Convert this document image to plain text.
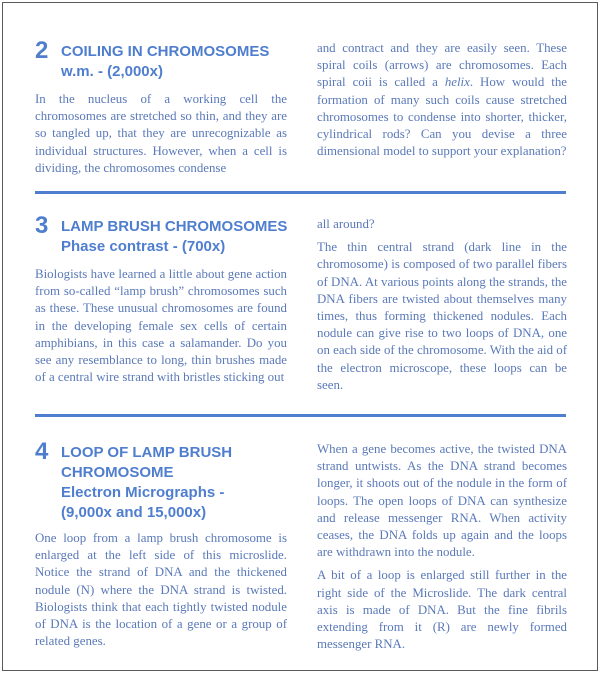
2 COILING IN CHROMOSOMES
w.m. - (2,000x)

In the nucleus of a working cell the chromosomes are stretched so thin, and they are so tangled up, that they are unrecognizable as individual structures. However, when a cell is dividing, the chromosomes condense

and contract and they are easily seen. These spiral coils (arrows) are chromosomes. Each spiral coii is called a helix. How would the formation of many such coils cause stretched chromosomes to condense into shorter, thicker, cylindrical rods? Can you devise a three dimensional model to support your explanation?

3 LAMP BRUSH CHROMOSOMES
Phase contrast - (700x)

Biologists have learned a little about gene action from so-called “lamp brush” chromosomes such as these. These unusual chromosomes are found in the developing female sex cells of certain amphibians, in this case a salamander. Do you see any resemblance to long, thin brushes made of a central wire strand with bristles sticking out

all around?

The thin central strand (dark line in the chromosome) is composed of two parallel fibers of DNA. At various points along the strands, the DNA fibers are twisted about themselves many times, thus forming thickened nodules. Each nodule can give rise to two loops of DNA, one on each side of the chromosome. With the aid of the electron microscope, these loops can be seen.

4 LOOP OF LAMP BRUSH
CHROMOSOME
Electron Micrographs -
(9,000x and 15,000x)

One loop from a lamp brush chromosome is enlarged at the left side of this microslide. Notice the strand of DNA and the thickened nodule (N) where the DNA strand is twisted. Biologists think that each tightly twisted nodule of DNA is the location of a gene or a group of related genes.

When a gene becomes active, the twisted DNA strand untwists. As the DNA strand becomes longer, it shoots out of the nodule in the form of loops. The open loops of DNA can synthesize and release messenger RNA. When activity ceases, the DNA folds up again and the loops are withdrawn into the nodule.

A bit of a loop is enlarged still further in the right side of the Microslide. The dark central axis is made of DNA. But the fine fibrils extending from it (R) are newly formed messenger RNA.
